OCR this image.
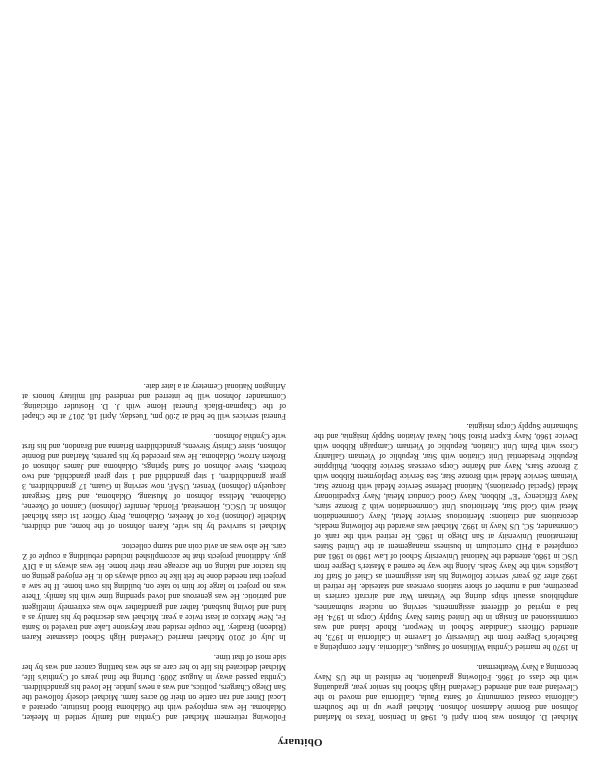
Obituary

Michael D. Johnson was born April 6, 1948 in Denison Texas to Marland Johnson and Bonnie Adamson Johnson. Michael grew up in the Southern California coastal community of Santa Paula, California and moved to the Cleveland area and attended Cleveland High School his senior year, graduating with the class of 1966. Following graduation, he enlisted in the US Navy becoming a Navy Weatherman.

In 1970 he married Cynthia Wilkinson of Saugus, California. After completing a Bachelor's Degree from the University of Laverne in California in 1973, he attended Officers Candidate School in Newport, Rhode Island and was commissioned an Ensign in the United States Navy Supply Corps in 1974. He had a myriad of different assignments, serving on nuclear submarines, amphibious assault ships during the Vietnam War and aircraft carriers in peacetime, and a number of shore stations overseas and stateside. He retired in 1992 after 26 years' service following his last assignment as Chief of Staff for Logistics with the Navy Seals. Along the way he earned a Master's Degree from USC in 1980, attended the National University School of Law 1980 to 1981 and completed a PHD curriculum in business management at the United States International University at San Diego in 1985. He retired with the rank of Commander, SC, US Navy in 1992. Michael was awarded the following medals, decorations and citations: Meritorious Service Metal, Navy Commendation Metal with Gold Star, Meritorious Unit Commendation with 2 Bronze stars, Navy Efficiency "E" Ribbon, Navy Good Conduct Metal, Navy Expeditionary Medal (Special Operations), National Defense Service Medal with Bronze Star, Vietnam Service Medal with Bronze Star, Sea Service Deployment Ribbon with 2 Bronze Stars, Navy and Marine Corps overseas Service Ribbon, Philippine Republic Presidential Unit Citation with Star, Republic of Vietnam Gallantry Cross with Palm Unit Citation, Republic of Vietnam Campaign Ribbon with Device 1960, Navy Expert Pistol Shot, Naval Aviation Supply Insignia, and the Submarine Supply Corps Insignia.

Following retirement Michael and Cynthia and family settled in Meeker, Oklahoma. He was employed with the Oklahoma Blood Institute, operated a Local Diner and ran cattle on their 80 acres farm. Michael closely followed the San Diego Chargers, politics, and was a news junkie. He loved his grandchildren. Cynthia passed away in August 2009. During the final years of Cynthia's life, Michael dedicated his life to her care as she was battling cancer and was by her side most of that time.

In July of 2010 Michael married Cleveland High School classmate Karen (Rideon) Bradley. The couple resided near Keystone Lake and traveled to Santa Fe, New Mexico at least twice a year. Michael was described by his family as a kind and loving husband, father and grandfather who was extremely intelligent and patriotic. He was generous and loved spending time with his family. There was no project to large for him to take on, building his own home. If he saw a project that needed done he felt like he could always do it. He enjoyed getting on his tractor and taking on the acreage near their home. He was always in a DIY guy. Additional projects that he accomplished included rebuilding a couple of Z cars. He also was an avid coin and stamp collector.

Michael is survived by his wife, Karen Johnson of the home, and children, Michelle (Johnson) Fox of Meeker, Oklahoma, Petty Officer 1st class Michael Johnson Jr. USCG, Homestead, Florida, Jennifer (Johnson) Cannon of Okeene, Oklahoma, Melissa Johnson of Mustang, Oklahoma, and Staff Sergeant Jacquelyn (Johnson) Yenser, USAF, now serving in Guam, 17 grandchildren, 3 great grandchildren, 1 step grandchild and 1 step great grandchild, and two brothers, Steve Johnson of Sand Springs, Oklahoma and James Johnson of Broken Arrow, Oklahoma. He was preceded by his parents, Marland and Bonnie Johnson, sister Christy Stevens, grandchildren Brianna and Brandon, and his first wife Cynthia Johnson.

Funeral services will be held at 2:00 pm, Tuesday, April 18, 2017 at the Chapel of the Chapman-Black Funeral Home with J. D. Hostutler officiating. Commander Johnson will be interred and rendered full military honors at Arlington National Cemetery at a later date.
